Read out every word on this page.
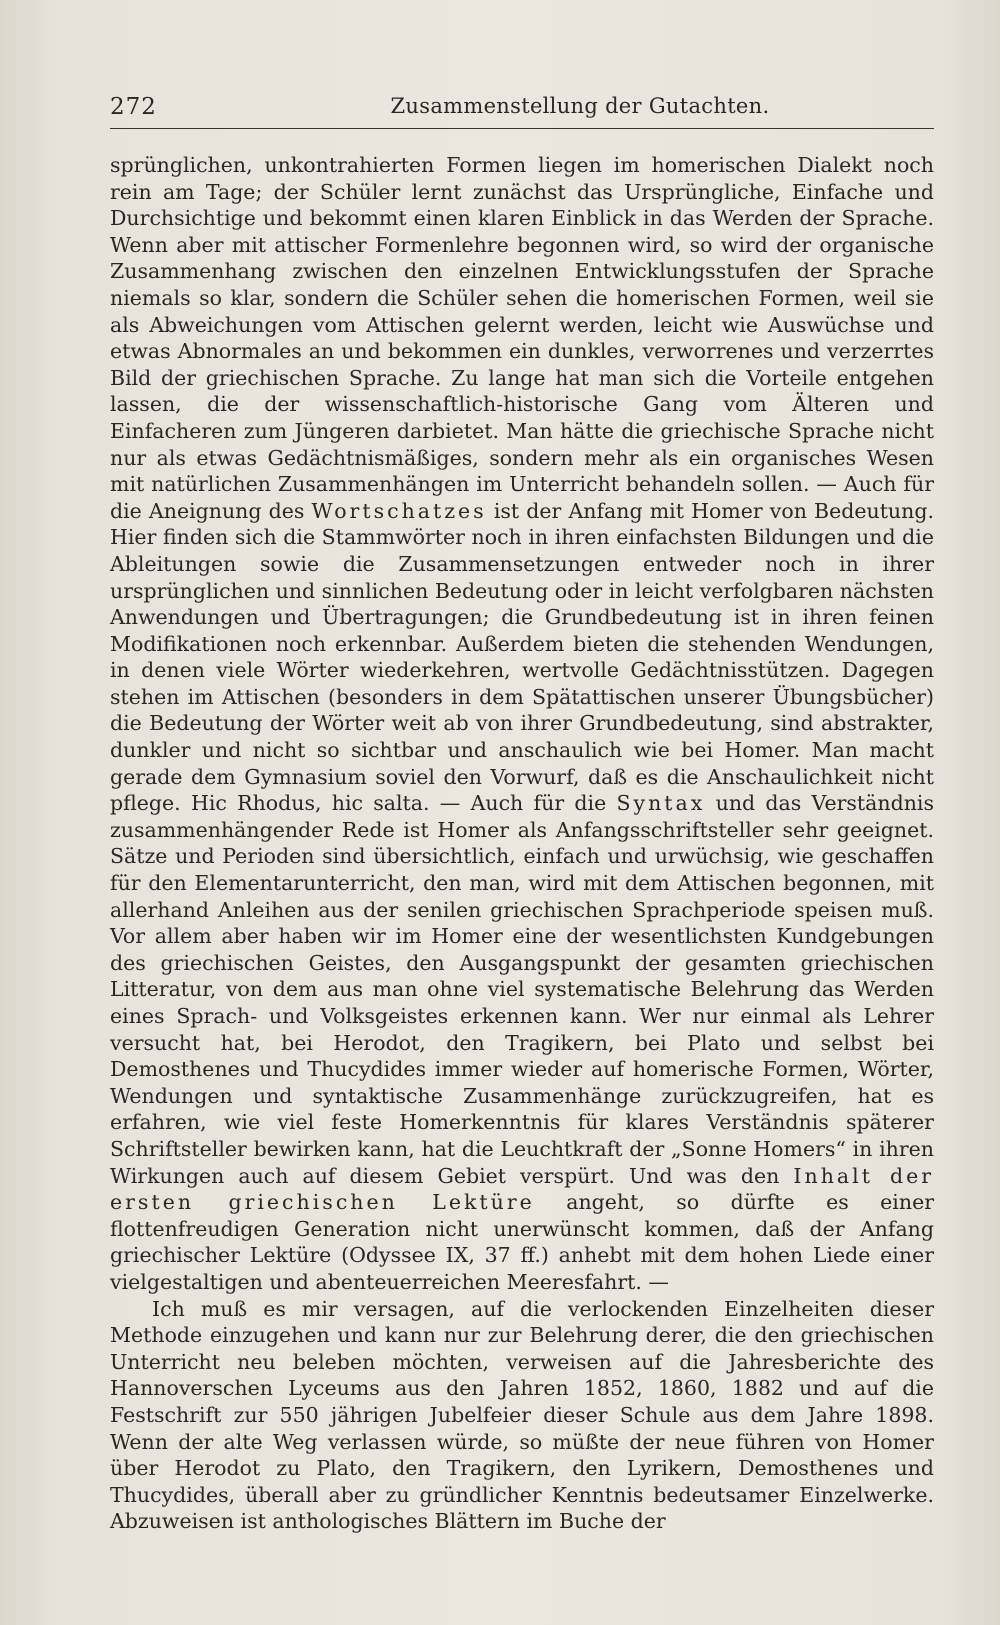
272	Zusammenstellung der Gutachten.

sprünglichen, unkontrahierten Formen liegen im homerischen Dialekt noch rein am Tage; der Schüler lernt zunächst das Ursprüngliche, Einfache und Durchsichtige und bekommt einen klaren Einblick in das Werden der Sprache. Wenn aber mit attischer Formenlehre begonnen wird, so wird der organische Zusammenhang zwischen den einzelnen Entwicklungsstufen der Sprache niemals so klar, sondern die Schüler sehen die homerischen Formen, weil sie als Abweichungen vom Attischen gelernt werden, leicht wie Auswüchse und etwas Abnormales an und bekommen ein dunkles, verworrenes und verzerrtes Bild der griechischen Sprache. Zu lange hat man sich die Vorteile entgehen lassen, die der wissenschaftlich-historische Gang vom Älteren und Einfacheren zum Jüngeren darbietet. Man hätte die griechische Sprache nicht nur als etwas Gedächtnismäßiges, sondern mehr als ein organisches Wesen mit natürlichen Zusammenhängen im Unterricht behandeln sollen. — Auch für die Aneignung des Wortschatzes ist der Anfang mit Homer von Bedeutung. Hier finden sich die Stammwörter noch in ihren einfachsten Bildungen und die Ableitungen sowie die Zusammensetzungen entweder noch in ihrer ursprünglichen und sinnlichen Bedeutung oder in leicht verfolgbaren nächsten Anwendungen und Übertragungen; die Grundbedeutung ist in ihren feinen Modifikationen noch erkennbar. Außerdem bieten die stehenden Wendungen, in denen viele Wörter wiederkehren, wertvolle Gedächtnisstützen. Dagegen stehen im Attischen (besonders in dem Spätattischen unserer Übungsbücher) die Bedeutung der Wörter weit ab von ihrer Grundbedeutung, sind abstrakter, dunkler und nicht so sichtbar und anschaulich wie bei Homer. Man macht gerade dem Gymnasium soviel den Vorwurf, daß es die Anschaulichkeit nicht pflege. Hic Rhodus, hic salta. — Auch für die Syntax und das Verständnis zusammenhängender Rede ist Homer als Anfangsschriftsteller sehr geeignet. Sätze und Perioden sind übersichtlich, einfach und urwüchsig, wie geschaffen für den Elementarunterricht, den man, wird mit dem Attischen begonnen, mit allerhand Anleihen aus der senilen griechischen Sprachperiode speisen muß. Vor allem aber haben wir im Homer eine der wesentlichsten Kundgebungen des griechischen Geistes, den Ausgangspunkt der gesamten griechischen Litteratur, von dem aus man ohne viel systematische Belehrung das Werden eines Sprach- und Volksgeistes erkennen kann. Wer nur einmal als Lehrer versucht hat, bei Herodot, den Tragikern, bei Plato und selbst bei Demosthenes und Thucydides immer wieder auf homerische Formen, Wörter, Wendungen und syntaktische Zusammenhänge zurückzugreifen, hat es erfahren, wie viel feste Homerkenntnis für klares Verständnis späterer Schriftsteller bewirken kann, hat die Leuchtkraft der „Sonne Homers“ in ihren Wirkungen auch auf diesem Gebiet verspürt. Und was den Inhalt der ersten griechischen Lektüre angeht, so dürfte es einer flottenfreudigen Generation nicht unerwünscht kommen, daß der Anfang griechischer Lektüre (Odyssee IX, 37 ff.) anhebt mit dem hohen Liede einer vielgestaltigen und abenteuerreichen Meeresfahrt. —

Ich muß es mir versagen, auf die verlockenden Einzelheiten dieser Methode einzugehen und kann nur zur Belehrung derer, die den griechischen Unterricht neu beleben möchten, verweisen auf die Jahresberichte des Hannoverschen Lyceums aus den Jahren 1852, 1860, 1882 und auf die Festschrift zur 550 jährigen Jubelfeier dieser Schule aus dem Jahre 1898. Wenn der alte Weg verlassen würde, so müßte der neue führen von Homer über Herodot zu Plato, den Tragikern, den Lyrikern, Demosthenes und Thucydides, überall aber zu gründlicher Kenntnis bedeutsamer Einzelwerke. Abzuweisen ist anthologisches Blättern im Buche der
